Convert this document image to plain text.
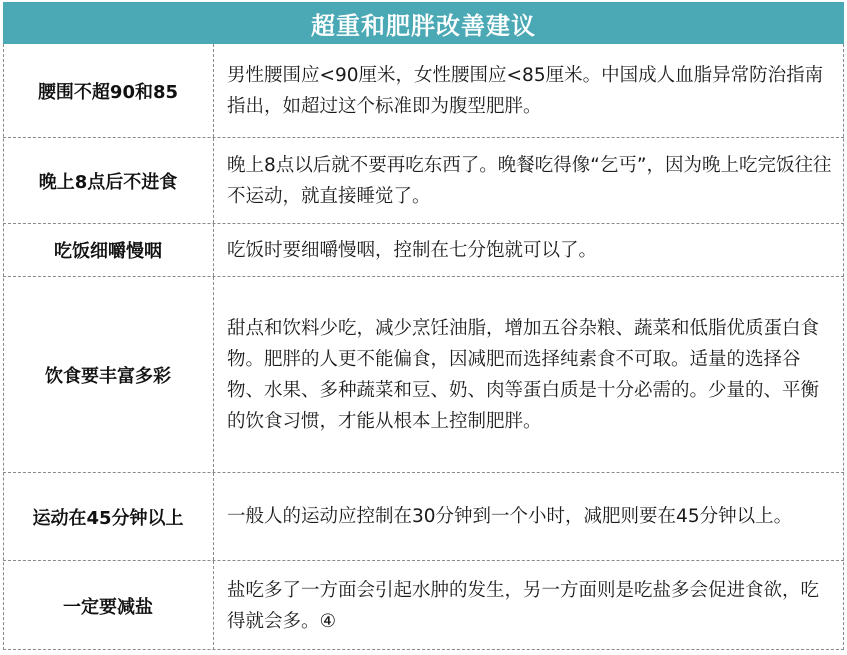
超重和肥胖改善建议
腰围不超90和85
男性腰围应<90厘米，女性腰围应<85厘米。中国成人血脂异常防治指南指出，如超过这个标准即为腹型肥胖。
晚上8点后不进食
晚上8点以后就不要再吃东西了。晚餐吃得像“乞丐”，因为晚上吃完饭往往不运动，就直接睡觉了。
吃饭细嚼慢咽	吃饭时要细嚼慢咽，控制在七分饱就可以了。
饮食要丰富多彩
甜点和饮料少吃，减少烹饪油脂，增加五谷杂粮、蔬菜和低脂优质蛋白食物。肥胖的人更不能偏食，因减肥而选择纯素食不可取。适量的选择谷物、水果、多种蔬菜和豆、奶、肉等蛋白质是十分必需的。少量的、平衡的饮食习惯，才能从根本上控制肥胖。
运动在45分钟以上	一般人的运动应控制在30分钟到一个小时，减肥则要在45分钟以上。
一定要减盐
盐吃多了一方面会引起水肿的发生，另一方面则是吃盐多会促进食欲，吃得就会多。④
